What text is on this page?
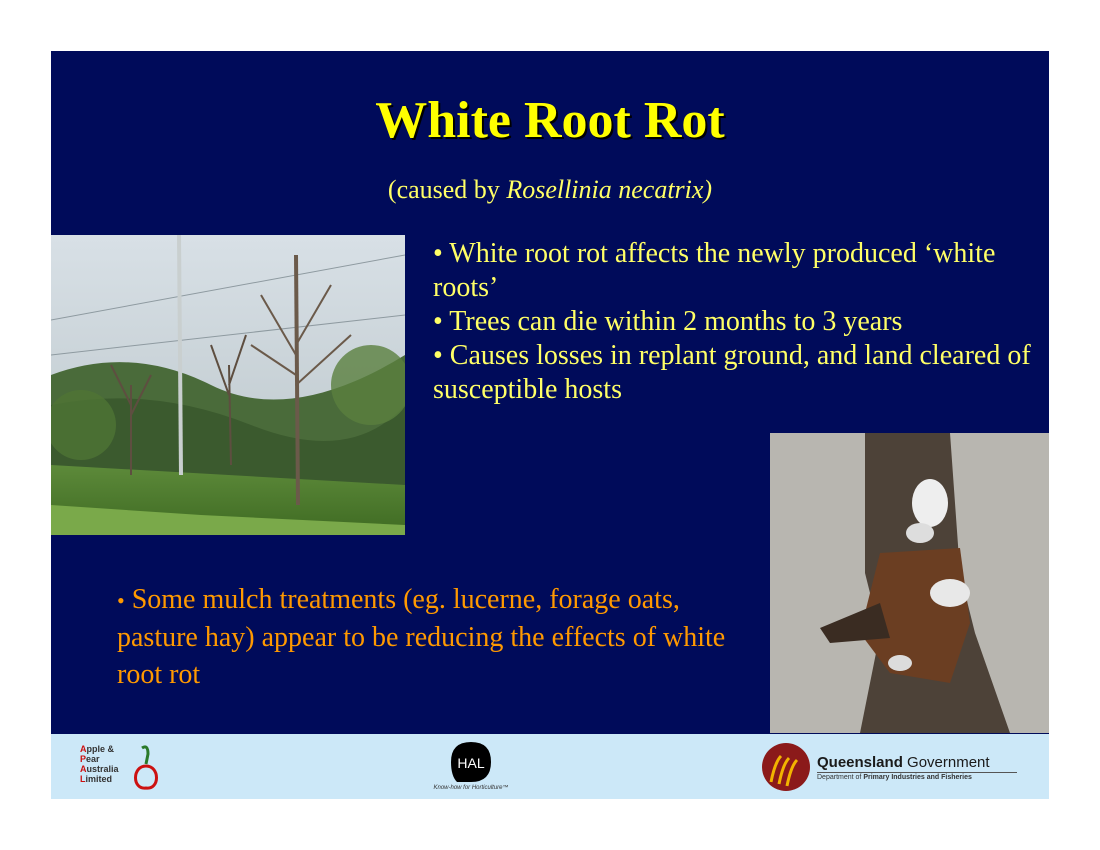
White Root Rot
(caused by Rosellinia necatrix)

• White root rot affects the newly produced ‘white roots’

• Trees can die within 2 months to 3 years

• Causes losses in replant ground, and land cleared of susceptible hosts

• Some mulch treatments (eg. lucerne, forage oats, pasture hay) appear to be reducing the effects of white root rot
Apple &
Pear
Australia
Limited
HAL
Know-how for Horticulture™
Queensland Government
Department of Primary Industries and Fisheries
